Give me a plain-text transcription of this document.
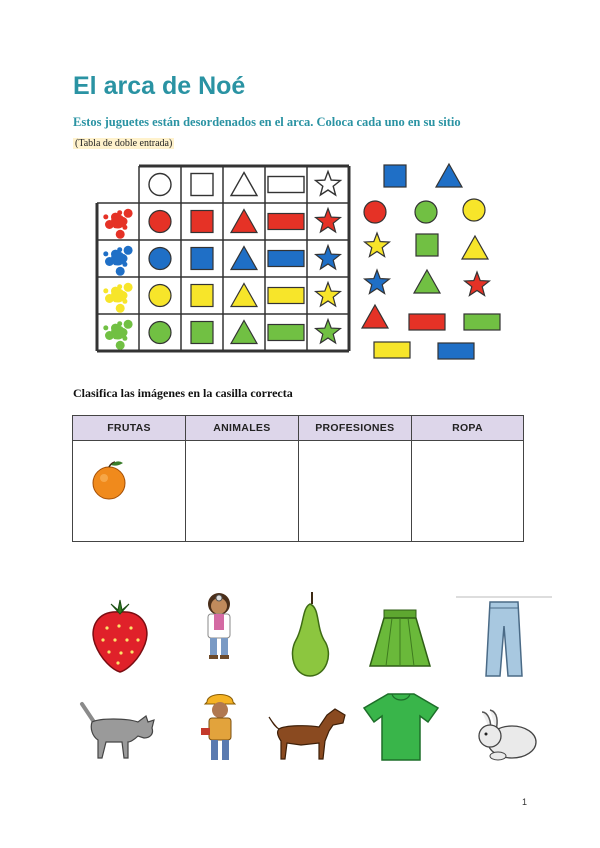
El arca de Noé
Estos juguetes están desordenados en el arca. Coloca cada uno en su sitio
(Tabla de doble entrada)
Clasifica las imágenes en la casilla correcta
FRUTAS	ANIMALES	PROFESIONES	ROPA

1
